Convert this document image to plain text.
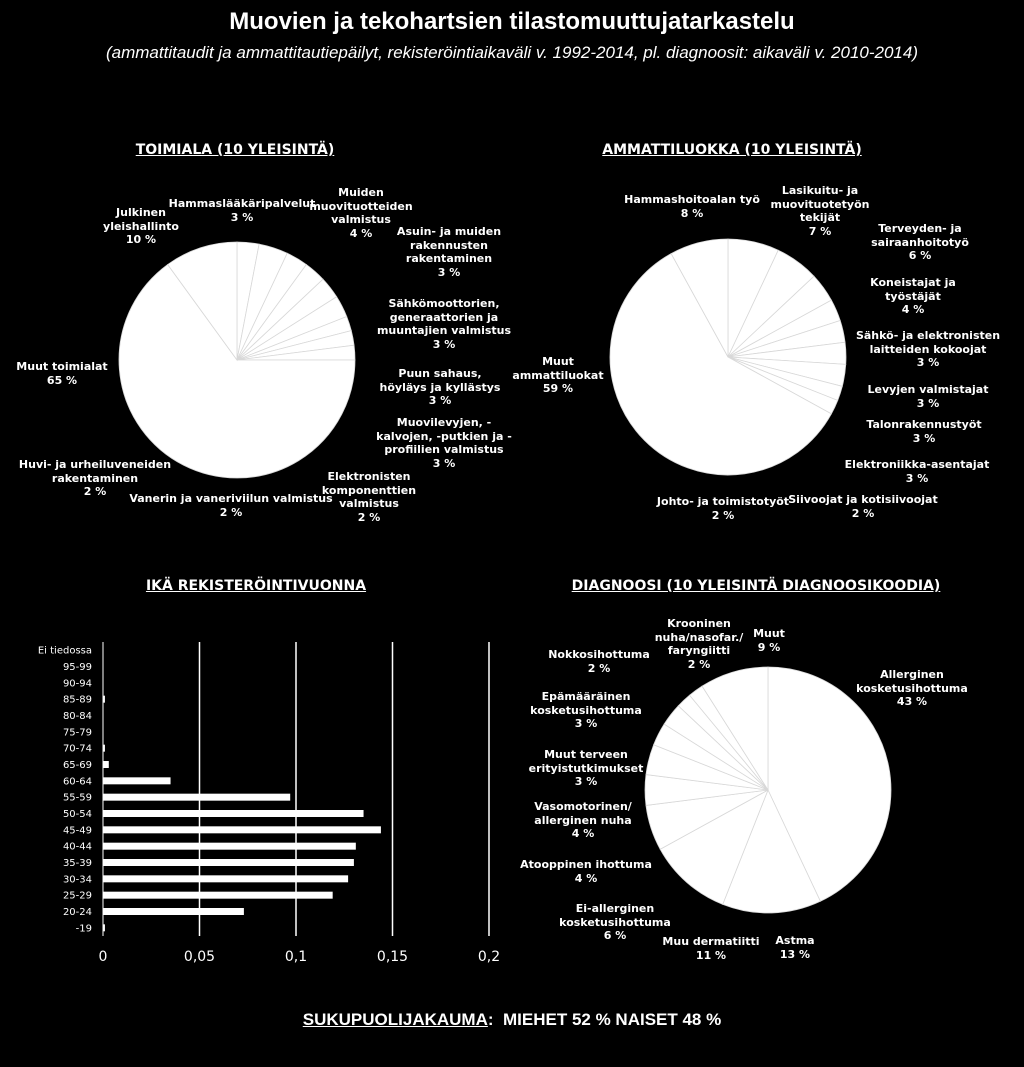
Muovien ja tekohartsien tilastomuuttujatarkastelu
(ammattitaudit ja ammattitautiepäilyt, rekisteröintiaikaväli v. 1992-2014, pl. diagnoosit: aikaväli v. 2010-2014)
TOIMIALA (10 YLEISINTÄ)	AMMATTILUOKKA (10 YLEISINTÄ)
IKÄ REKISTERÖINTIVUONNA	DIAGNOOSI (10 YLEISINTÄ DIAGNOOSIKOODIA)
0	0,05	0,1	0,15	0,2
-19
20-24
25-29
30-34
35-39
40-44
45-49
50-54
55-59
60-64
65-69
70-74
75-79
80-84
85-89
90-94
95-99
Ei tiedossa
Hammaslääkäripalvelut
3 %
Muiden
muovituotteiden
valmistus
4 %	Asuin- ja muiden
rakennusten
rakentaminen
3 %
Sähkömoottorien,
generaattorien ja
muuntajien valmistus
3 %
Puun sahaus,
höyläys ja kyllästys
3 %
Muovilevyjen, -
kalvojen, -putkien ja -
profiilien valmistus
3 %
Elektronisten
komponenttien
valmistus
2 %
Vanerin ja vaneriviilun valmistus
2 %
Huvi- ja urheiluveneiden
rakentaminen
2 %
Muut toimialat
65 %
Julkinen
yleishallinto
10 %
Lasikuitu- ja
muovituotetyön
tekijät
7 %	Terveyden- ja
sairaanhoitotyö
6 %
Koneistajat ja
työstäjät
4 %
Sähkö- ja elektronisten
laitteiden kokoojat
3 %
Levyjen valmistajat
3 %
Talonrakennustyöt
3 %
Elektroniikka-asentajat
3 %
Siivoojat ja kotisiivoojat
2 %
Johto- ja toimistotyöt
2 %
Muut
ammattiluokat
59 %
Hammashoitoalan työ
8 %
Allerginen
kosketusihottuma
43 %
Astma
13 %
Muu dermatiitti
11 %
Ei-allerginen
kosketusihottuma
6 %
Atooppinen ihottuma
4 %
Vasomotorinen/
allerginen nuha
4 %
Muut terveen
erityistutkimukset
3 %
Epämääräinen
kosketusihottuma
3 %
Nokkosihottuma
2 %
Krooninen
nuha/nasofar./
faryngiitti
2 %
Muut
9 %
SUKUPUOLIJAKAUMA: MIEHET 52 % NAISET 48 %
